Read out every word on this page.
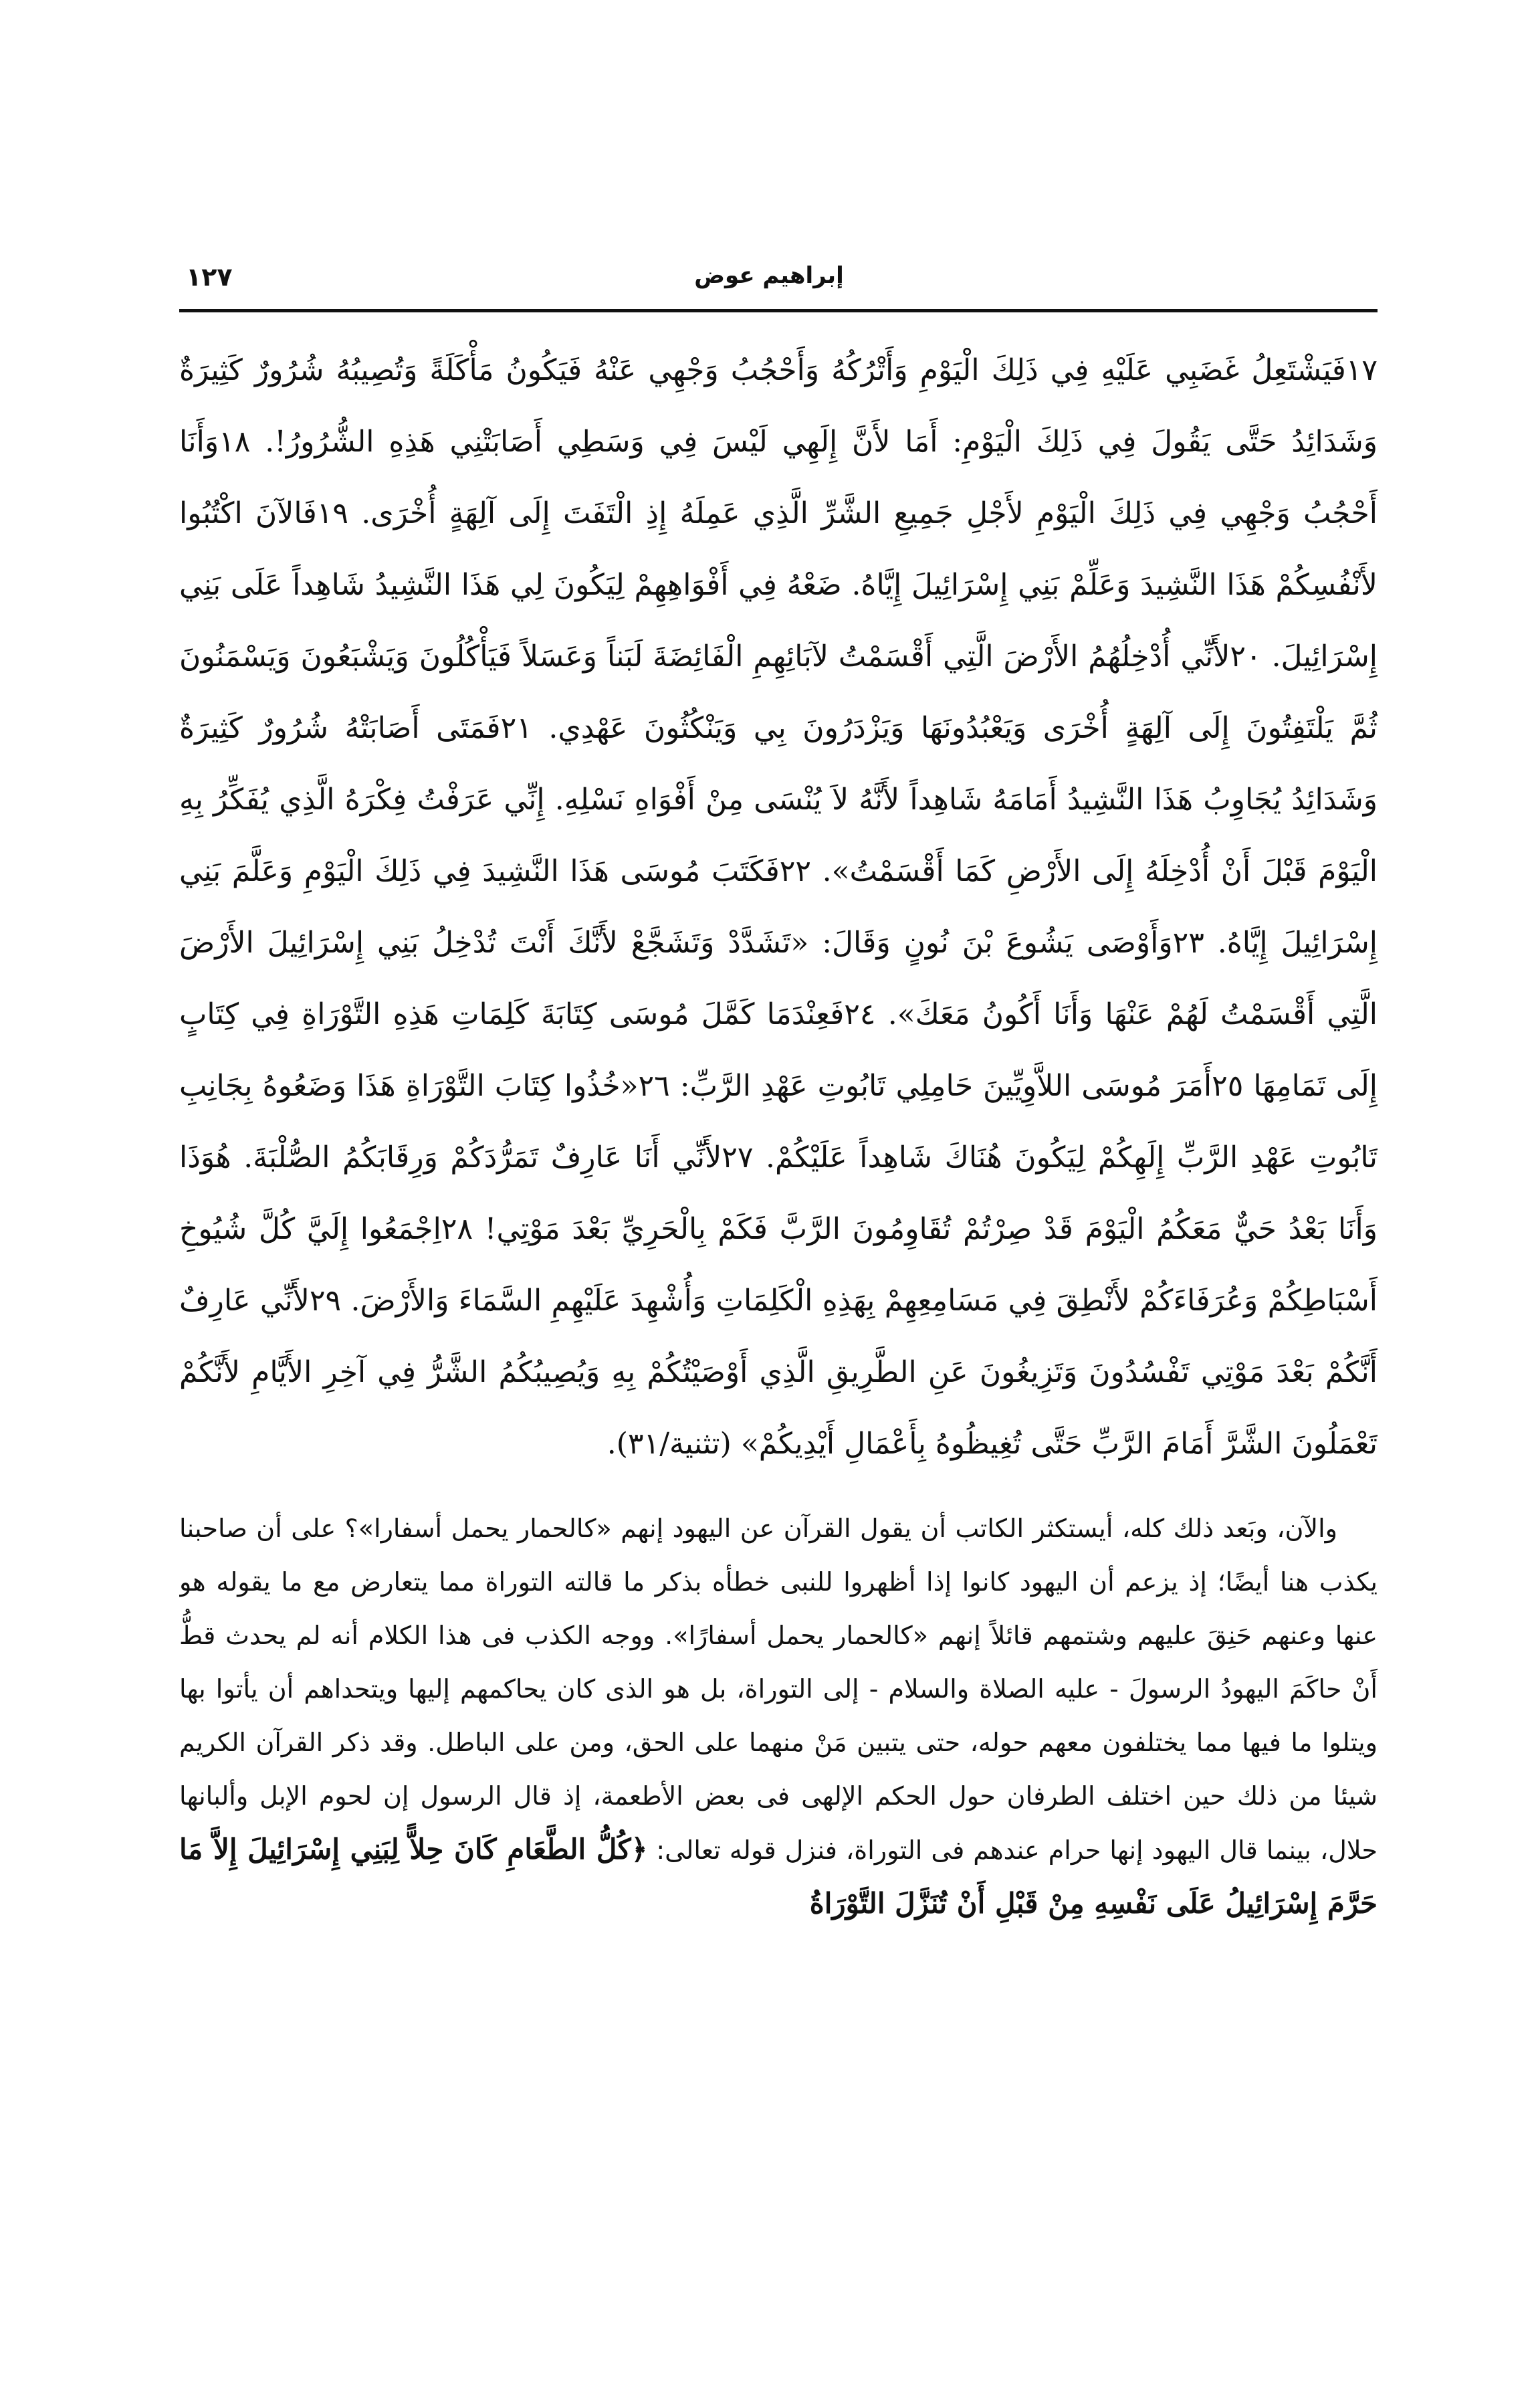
١٢٧	إبراهيم عوض

١٧فَيَشْتَعِلُ غَضَبِي عَلَيْهِ فِي ذَلِكَ الْيَوْمِ وَأَتْرُكُهُ وَأَحْجُبُ وَجْهِي عَنْهُ فَيَكُونُ مَأْكَلَةً وَتُصِيبُهُ شُرُورٌ كَثِيرَةٌ وَشَدَائِدُ حَتَّى يَقُولَ فِي ذَلِكَ الْيَوْمِ: أَمَا لأَنَّ إِلَهِي لَيْسَ فِي وَسَطِي أَصَابَتْنِي هَذِهِ الشُّرُورُ!. ١٨وَأَنَا أَحْجُبُ وَجْهِي فِي ذَلِكَ الْيَوْمِ لأَجْلِ جَمِيعِ الشَّرِّ الَّذِي عَمِلَهُ إِذِ الْتَفَتَ إِلَى آلِهَةٍ أُخْرَى. ١٩فَالآنَ اكْتُبُوا لأَنْفُسِكُمْ هَذَا النَّشِيدَ وَعَلِّمْ بَنِي إِسْرَائِيلَ إِيَّاهُ. ضَعْهُ فِي أَفْوَاهِهِمْ لِيَكُونَ لِي هَذَا النَّشِيدُ شَاهِداً عَلَى بَنِي إِسْرَائِيلَ. ٢٠لأَنِّي أُدْخِلُهُمُ الأَرْضَ الَّتِي أَقْسَمْتُ لآبَائِهِمِ الْفَائِضَةَ لَبَناً وَعَسَلاً فَيَأْكُلُونَ وَيَشْبَعُونَ وَيَسْمَنُونَ ثُمَّ يَلْتَفِتُونَ إِلَى آلِهَةٍ أُخْرَى وَيَعْبُدُونَهَا وَيَزْدَرُونَ بِي وَيَنْكُثُونَ عَهْدِي. ٢١فَمَتَى أَصَابَتْهُ شُرُورٌ كَثِيرَةٌ وَشَدَائِدُ يُجَاوِبُ هَذَا النَّشِيدُ أَمَامَهُ شَاهِداً لأَنَّهُ لاَ يُنْسَى مِنْ أَفْوَاهِ نَسْلِهِ. إِنِّي عَرَفْتُ فِكْرَهُ الَّذِي يُفَكِّرُ بِهِ الْيَوْمَ قَبْلَ أَنْ أُدْخِلَهُ إِلَى الأَرْضِ كَمَا أَقْسَمْتُ». ٢٢فَكَتَبَ مُوسَى هَذَا النَّشِيدَ فِي ذَلِكَ الْيَوْمِ وَعَلَّمَ بَنِي إِسْرَائِيلَ إِيَّاهُ. ٢٣وَأَوْصَى يَشُوعَ بْنَ نُونٍ وَقَالَ: «تَشَدَّدْ وَتَشَجَّعْ لأَنَّكَ أَنْتَ تُدْخِلُ بَنِي إِسْرَائِيلَ الأَرْضَ الَّتِي أَقْسَمْتُ لَهُمْ عَنْهَا وَأَنَا أَكُونُ مَعَكَ». ٢٤فَعِنْدَمَا كَمَّلَ مُوسَى كِتَابَةَ كَلِمَاتِ هَذِهِ التَّوْرَاةِ فِي كِتَابٍ إِلَى تَمَامِهَا ٢٥أَمَرَ مُوسَى اللاَّوِيِّينَ حَامِلِي تَابُوتِ عَهْدِ الرَّبِّ: ٢٦«خُذُوا كِتَابَ التَّوْرَاةِ هَذَا وَضَعُوهُ بِجَانِبِ تَابُوتِ عَهْدِ الرَّبِّ إِلَهِكُمْ لِيَكُونَ هُنَاكَ شَاهِداً عَلَيْكُمْ. ٢٧لأَنِّي أَنَا عَارِفٌ تَمَرُّدَكُمْ وَرِقَابَكُمُ الصُّلْبَةَ. هُوَذَا وَأَنَا بَعْدُ حَيٌّ مَعَكُمُ الْيَوْمَ قَدْ صِرْتُمْ تُقَاوِمُونَ الرَّبَّ فَكَمْ بِالْحَرِيِّ بَعْدَ مَوْتِي! ٢٨اِجْمَعُوا إِلَيَّ كُلَّ شُيُوخِ أَسْبَاطِكُمْ وَعُرَفَاءَكُمْ لأَنْطِقَ فِي مَسَامِعِهِمْ بِهَذِهِ الْكَلِمَاتِ وَأُشْهِدَ عَلَيْهِمِ السَّمَاءَ وَالأَرْضَ. ٢٩لأَنِّي عَارِفٌ أَنَّكُمْ بَعْدَ مَوْتِي تَفْسُدُونَ وَتَزِيغُونَ عَنِ الطَّرِيقِ الَّذِي أَوْصَيْتُكُمْ بِهِ وَيُصِيبُكُمُ الشَّرُّ فِي آخِرِ الأَيَّامِ لأَنَّكُمْ تَعْمَلُونَ الشَّرَّ أَمَامَ الرَّبِّ حَتَّى تُغِيظُوهُ بِأَعْمَالِ أَيْدِيكُمْ» (تثنية/٣١).

والآن، وبَعد ذلك كله، أيستكثر الكاتب أن يقول القرآن عن اليهود إنهم «كالحمار يحمل أسفارا»؟ على أن صاحبنا يكذب هنا أيضًا؛ إذ يزعم أن اليهود كانوا إذا أظهروا للنبى خطأه بذكر ما قالته التوراة مما يتعارض مع ما يقوله هو عنها وعنهم حَنِقَ عليهم وشتمهم قائلاً إنهم «كالحمار يحمل أسفارًا». ووجه الكذب فى هذا الكلام أنه لم يحدث قطُّ أَنْ حاكَمَ اليهودُ الرسولَ - عليه الصلاة والسلام - إلى التوراة، بل هو الذى كان يحاكمهم إليها ويتحداهم أن يأتوا بها ويتلوا ما فيها مما يختلفون معهم حوله، حتى يتبين مَنْ منهما على الحق، ومن على الباطل. وقد ذكر القرآن الكريم شيئا من ذلك حين اختلف الطرفان حول الحكم الإلهى فى بعض الأطعمة، إذ قال الرسول إن لحوم الإبل وألبانها حلال، بينما قال اليهود إنها حرام عندهم فى التوراة، فنزل قوله تعالى: ﴿كُلُّ الطَّعَامِ كَانَ حِلاًّ لِبَنِي إِسْرَائِيلَ إِلاَّ مَا حَرَّمَ إِسْرَائِيلُ عَلَى نَفْسِهِ مِنْ قَبْلِ أَنْ تُنَزَّلَ التَّوْرَاةُ
